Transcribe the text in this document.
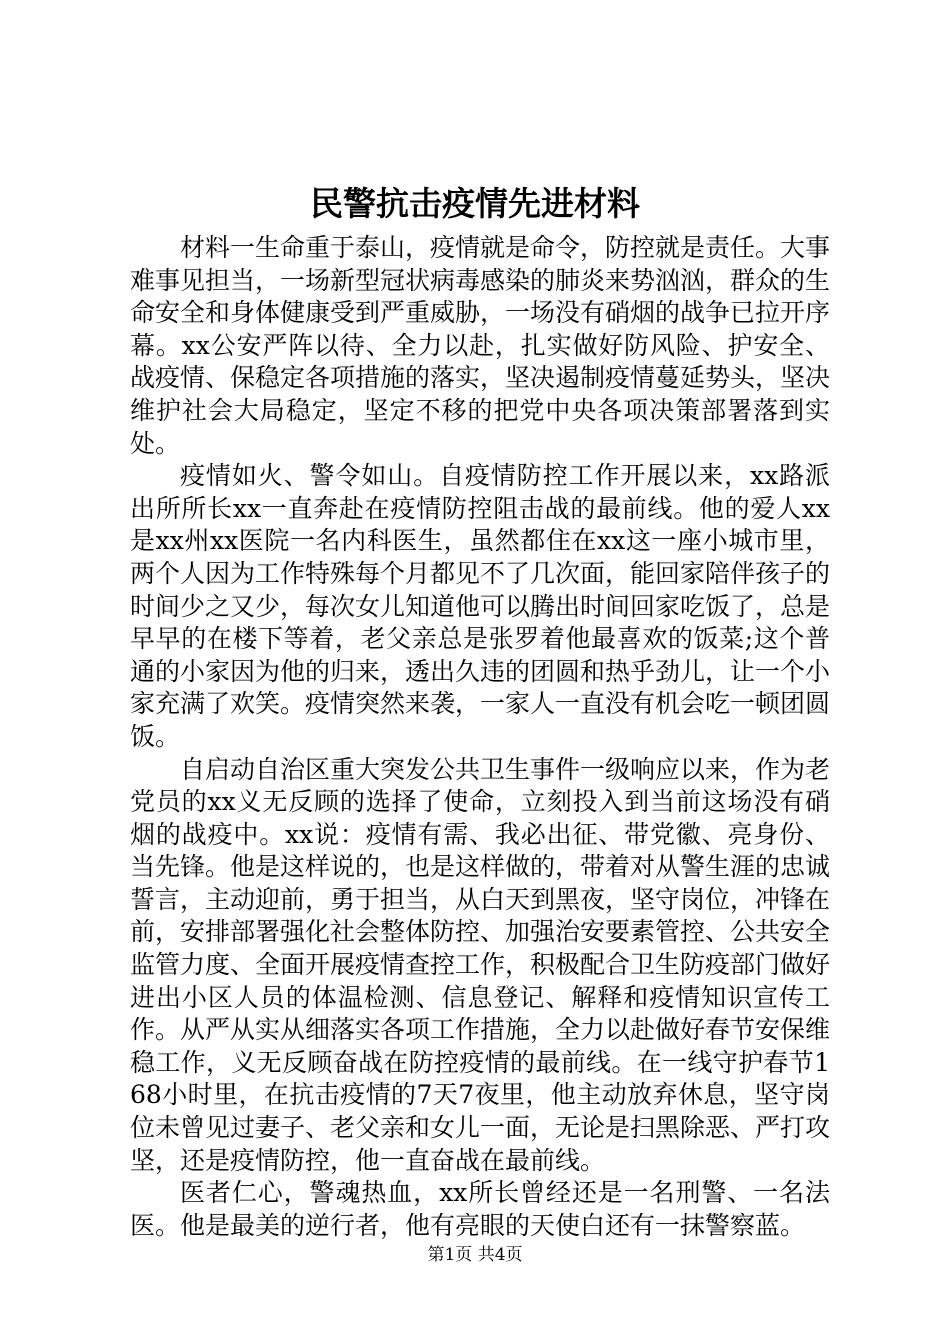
民警抗击疫情先进材料

材料一生命重于泰山，疫情就是命令，防控就是责任。大事难事见担当，一场新型冠状病毒感染的肺炎来势汹汹，群众的生命安全和身体健康受到严重威胁，一场没有硝烟的战争已拉开序幕。xx公安严阵以待、全力以赴，扎实做好防风险、护安全、战疫情、保稳定各项措施的落实，坚决遏制疫情蔓延势头，坚决维护社会大局稳定，坚定不移的把党中央各项决策部署落到实处。

疫情如火、警令如山。自疫情防控工作开展以来，xx路派出所所长xx一直奔赴在疫情防控阻击战的最前线。他的爱人xx是xx州xx医院一名内科医生，虽然都住在xx这一座小城市里，两个人因为工作特殊每个月都见不了几次面，能回家陪伴孩子的时间少之又少，每次女儿知道他可以腾出时间回家吃饭了，总是早早的在楼下等着，老父亲总是张罗着他最喜欢的饭菜;这个普通的小家因为他的归来，透出久违的团圆和热乎劲儿，让一个小家充满了欢笑。疫情突然来袭，一家人一直没有机会吃一顿团圆饭。

自启动自治区重大突发公共卫生事件一级响应以来，作为老党员的xx义无反顾的选择了使命，立刻投入到当前这场没有硝烟的战疫中。xx说：疫情有需、我必出征、带党徽、亮身份、当先锋。他是这样说的，也是这样做的，带着对从警生涯的忠诚誓言，主动迎前，勇于担当，从白天到黑夜，坚守岗位，冲锋在前，安排部署强化社会整体防控、加强治安要素管控、公共安全监管力度、全面开展疫情查控工作，积极配合卫生防疫部门做好进出小区人员的体温检测、信息登记、解释和疫情知识宣传工作。从严从实从细落实各项工作措施，全力以赴做好春节安保维稳工作，义无反顾奋战在防控疫情的最前线。在一线守护春节168小时里，在抗击疫情的7天7夜里，他主动放弃休息，坚守岗位未曾见过妻子、老父亲和女儿一面，无论是扫黑除恶、严打攻坚，还是疫情防控，他一直奋战在最前线。

医者仁心，警魂热血，xx所长曾经还是一名刑警、一名法医。他是最美的逆行者，他有亮眼的天使白还有一抹警察蓝。

第1页 共4页
